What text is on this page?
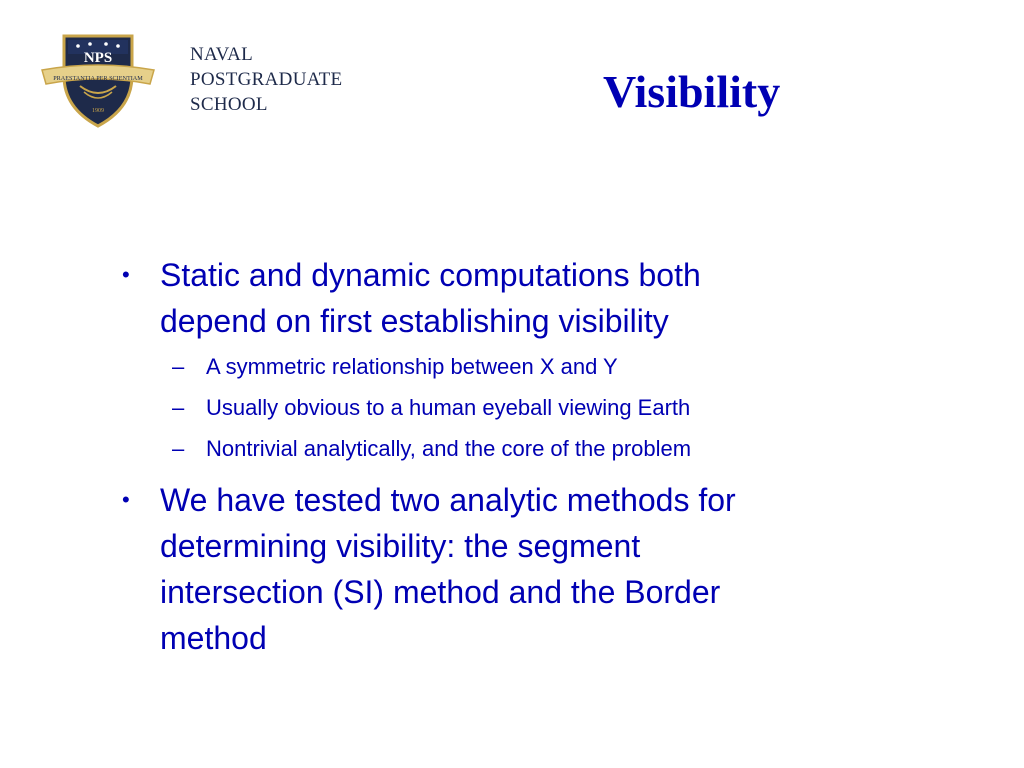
NPS
PRAESTANTIA PER SCIENTIAM
1909
NAVAL
POSTGRADUATE
SCHOOL	Visibility
• Static and dynamic computations both
depend on first establishing visibility
– A symmetric relationship between X and Y
– Usually obvious to a human eyeball viewing Earth
– Nontrivial analytically, and the core of the problem
• We have tested two analytic methods for
determining visibility: the segment
intersection (SI) method and the Border
method
